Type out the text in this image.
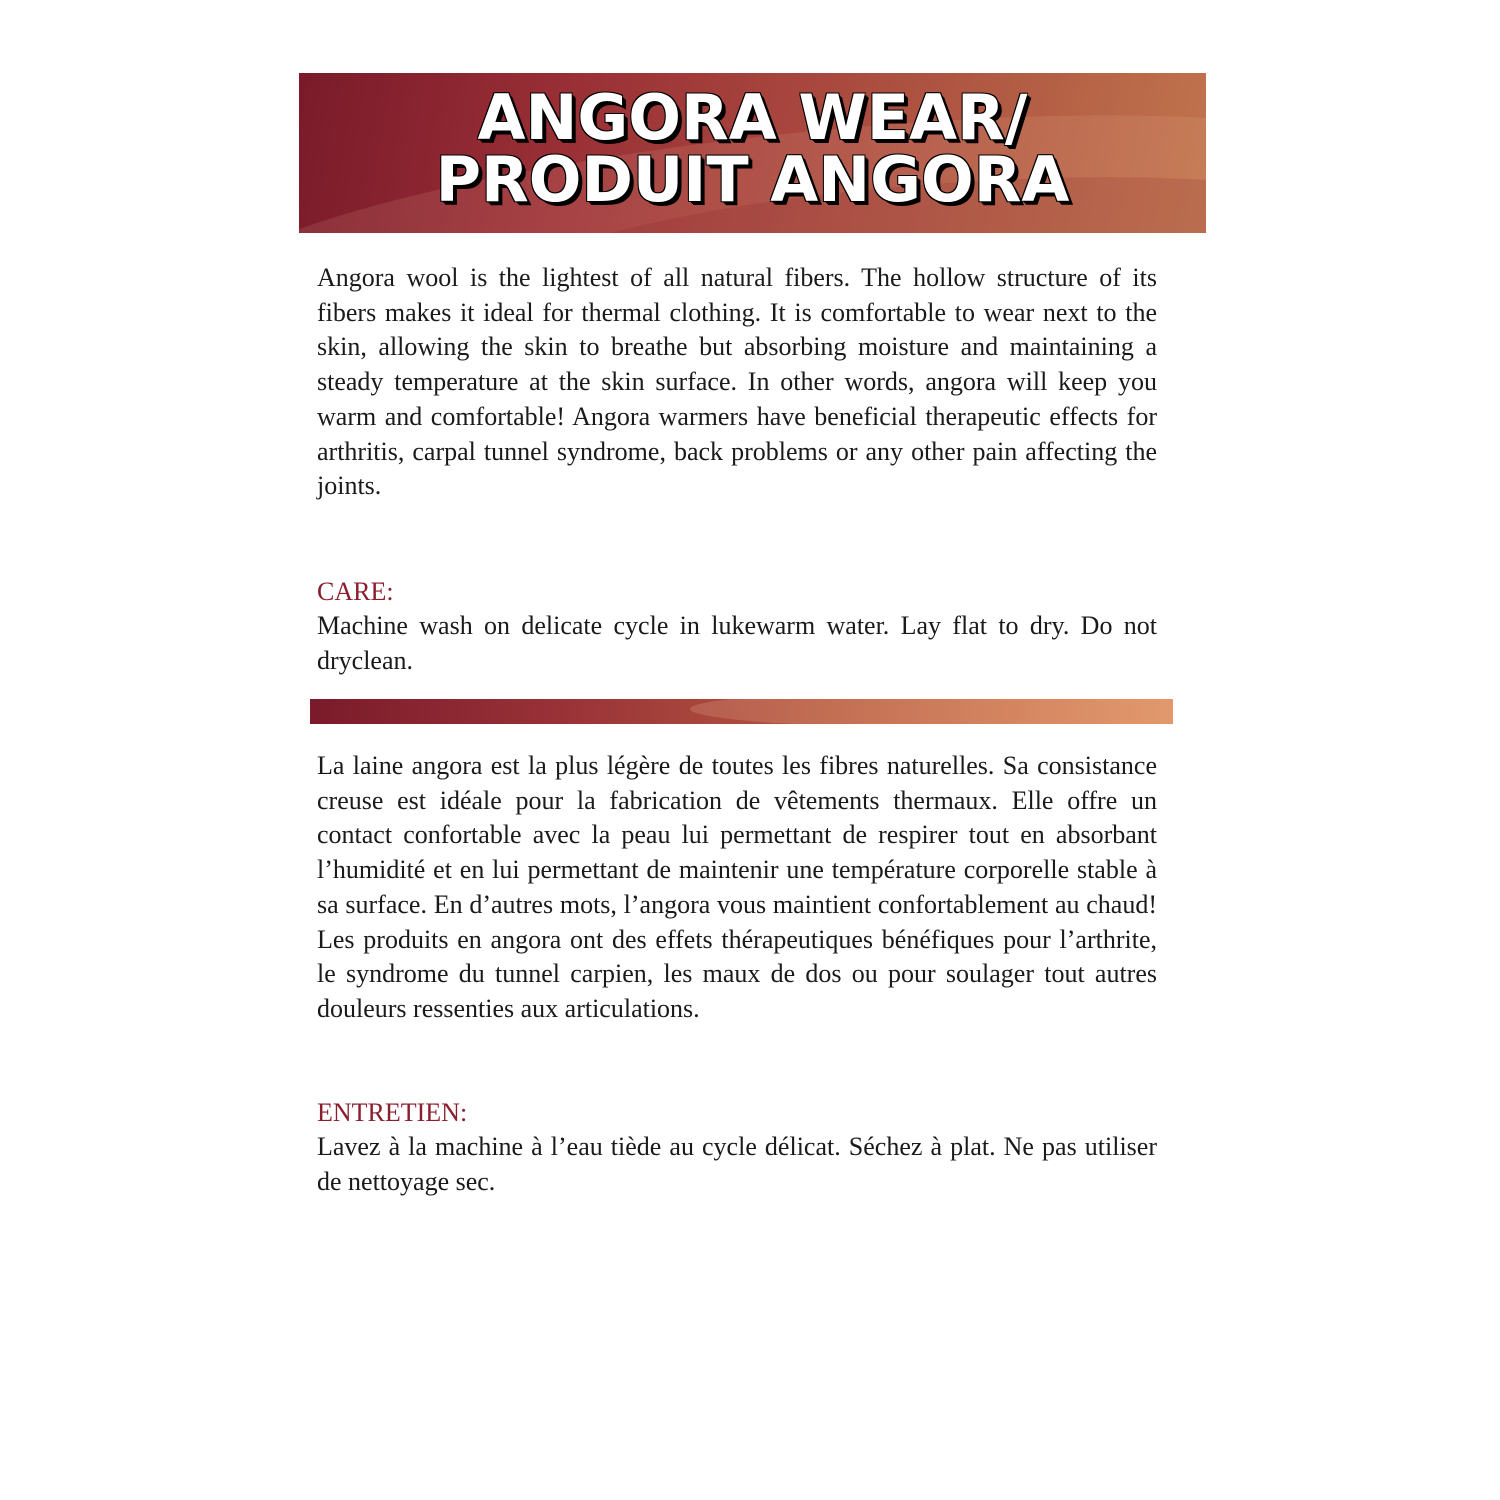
ANGORA WEAR/
PRODUIT ANGORA

Angora wool is the lightest of all natural fibers. The hollow structure of its fibers makes it ideal for thermal clothing. It is comfortable to wear next to the skin, allowing the skin to breathe but absorbing moisture and maintaining a steady temperature at the skin surface. In other words, angora will keep you warm and comfortable! Angora warmers have beneficial therapeutic effects for arthritis, carpal tunnel syndrome, back problems or any other pain affecting the joints.

CARE:

Machine wash on delicate cycle in lukewarm water. Lay flat to dry. Do not dryclean.

La laine angora est la plus légère de toutes les fibres naturelles. Sa consistance creuse est idéale pour la fabrication de vêtements thermaux. Elle offre un contact confortable avec la peau lui permettant de respirer tout en absorbant l’humidité et en lui permettant de maintenir une température corporelle stable à sa surface. En d’autres mots, l’angora vous maintient confortablement au chaud! Les produits en angora ont des effets thérapeutiques bénéfiques pour l’arthrite, le syndrome du tunnel carpien, les maux de dos ou pour soulager tout autres douleurs ressenties aux articulations.

ENTRETIEN:

Lavez à la machine à l’eau tiède au cycle délicat. Séchez à plat. Ne pas utiliser de nettoyage sec.
